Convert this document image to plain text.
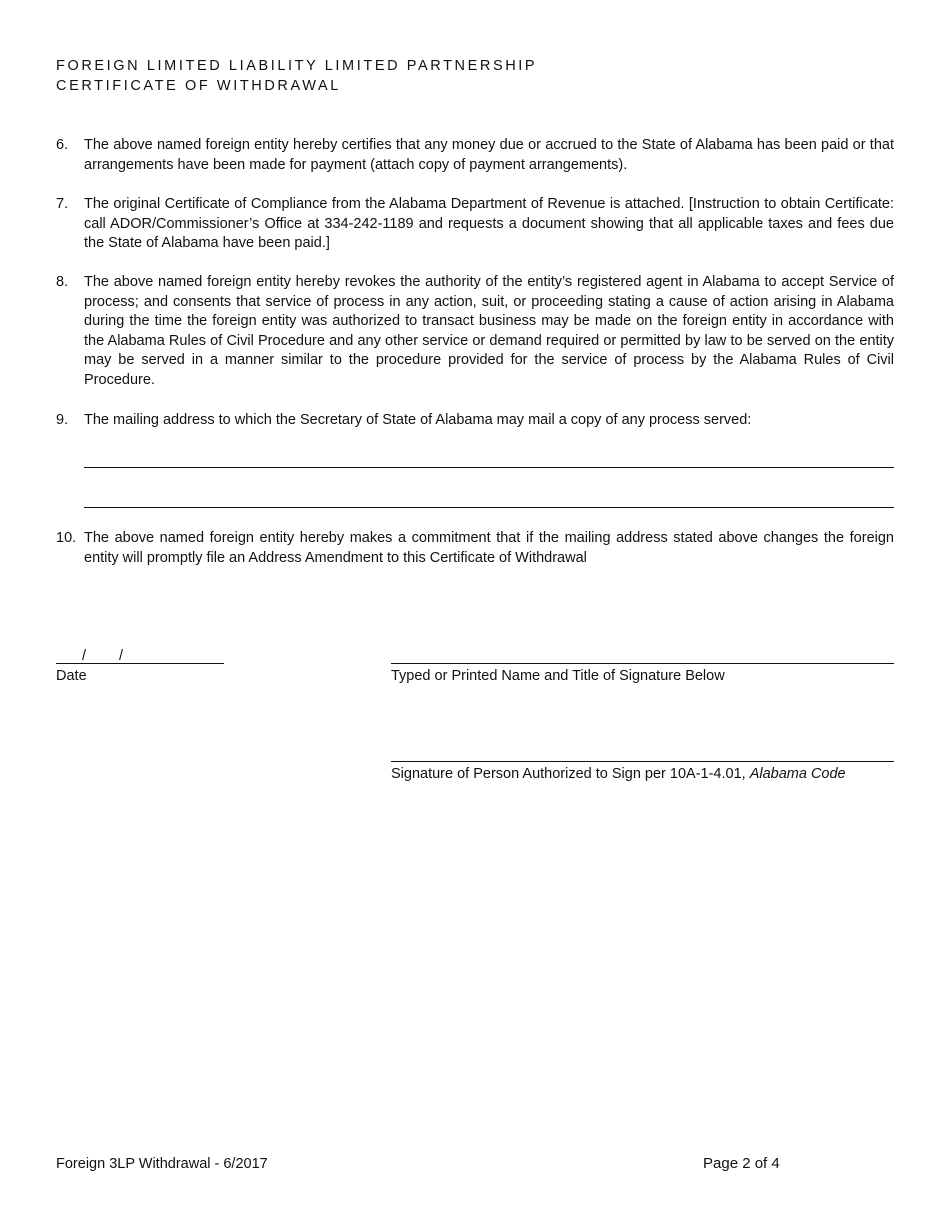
FOREIGN LIMITED LIABILITY LIMITED PARTNERSHIP
CERTIFICATE OF WITHDRAWAL
6. The above named foreign entity hereby certifies that any money due or accrued to the State of Alabama has been paid or that arrangements have been made for payment (attach copy of payment arrangements).
7. The original Certificate of Compliance from the Alabama Department of Revenue is attached. [Instruction to obtain Certificate: call ADOR/Commissioner’s Office at 334-242-1189 and requests a document showing that all applicable taxes and fees due the State of Alabama have been paid.]
8. The above named foreign entity hereby revokes the authority of the entity’s registered agent in Alabama to accept Service of process; and consents that service of process in any action, suit, or proceeding stating a cause of action arising in Alabama during the time the foreign entity was authorized to transact business may be made on the foreign entity in accordance with the Alabama Rules of Civil Procedure and any other service or demand required or permitted by law to be served on the entity may be served in a manner similar to the procedure provided for the service of process by the Alabama Rules of Civil Procedure.
9. The mailing address to which the Secretary of State of Alabama may mail a copy of any process served:
10. The above named foreign entity hereby makes a commitment that if the mailing address stated above changes the foreign entity will promptly file an Address Amendment to this Certificate of Withdrawal
/ /
Date	Typed or Printed Name and Title of Signature Below
Signature of Person Authorized to Sign per 10A-1-4.01, Alabama Code
Foreign 3LP Withdrawal - 6/2017	Page 2 of 4
